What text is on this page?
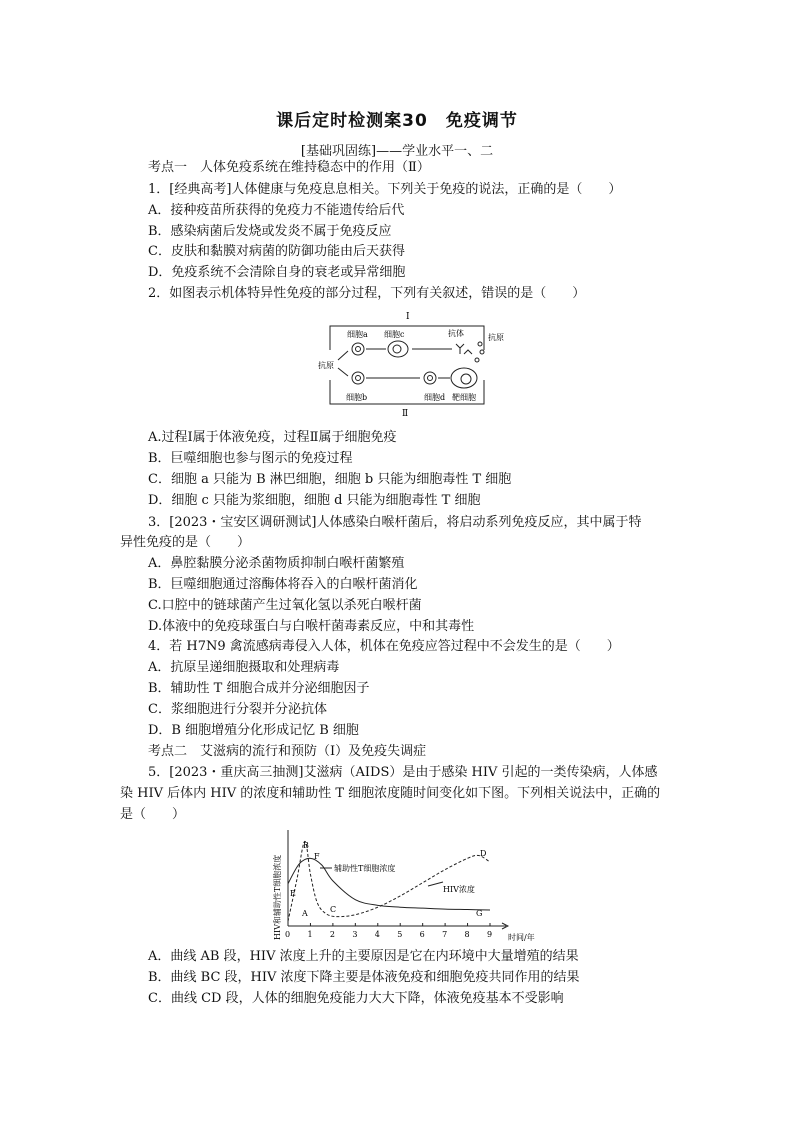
课后定时检测案30　免疫调节
[基础巩固练]——学业水平一、二
考点一　人体免疫系统在维持稳态中的作用（Ⅱ）
1．[经典高考]人体健康与免疫息息相关。下列关于免疫的说法，正确的是（　　）
A．接种疫苗所获得的免疫力不能遗传给后代
B．感染病菌后发烧或发炎不属于免疫反应
C．皮肤和黏膜对病菌的防御功能由后天获得
D．免疫系统不会清除自身的衰老或异常细胞
2．如图表示机体特异性免疫的部分过程，下列有关叙述，错误的是（　　）
Ⅰ
Ⅱ
细胞a 细胞c	抗体	抗原
抗原
细胞b	细胞d 靶细胞
A.过程Ⅰ属于体液免疫，过程Ⅱ属于细胞免疫
B．巨噬细胞也参与图示的免疫过程
C．细胞 a 只能为 B 淋巴细胞，细胞 b 只能为细胞毒性 T 细胞
D．细胞 c 只能为浆细胞，细胞 d 只能为细胞毒性 T 细胞
3．[2023・宝安区调研测试]人体感染白喉杆菌后，将启动系列免疫反应，其中属于特
异性免疫的是（　　）
A．鼻腔黏膜分泌杀菌物质抑制白喉杆菌繁殖
B．巨噬细胞通过溶酶体将吞入的白喉杆菌消化
C.口腔中的链球菌产生过氧化氢以杀死白喉杆菌
D.体液中的免疫球蛋白与白喉杆菌毒素反应，中和其毒性
4．若 H7N9 禽流感病毒侵入人体，机体在免疫应答过程中不会发生的是（　　）
A．抗原呈递细胞摄取和处理病毒
B．辅助性 T 细胞合成并分泌细胞因子
C．浆细胞进行分裂并分泌抗体
D．B 细胞增殖分化形成记忆 B 细胞
考点二　艾滋病的流行和预防（Ⅰ）及免疫失调症
5．[2023・重庆高三抽测]艾滋病（AIDS）是由于感染 HIV 引起的一类传染病，人体感
染 HIV 后体内 HIV 的浓度和辅助性 T 细胞浓度随时间变化如下图。下列相关说法中，正确的
是（　　）
HIV和辅助性T细胞浓度	时间/年
0 1 2 3 4 5 6 7 8 9
B
F
E
A	C
D
G
辅助性T细胞浓度
HIV浓度
A．曲线 AB 段，HIV 浓度上升的主要原因是它在内环境中大量增殖的结果
B．曲线 BC 段，HIV 浓度下降主要是体液免疫和细胞免疫共同作用的结果
C．曲线 CD 段，人体的细胞免疫能力大大下降，体液免疫基本不受影响
